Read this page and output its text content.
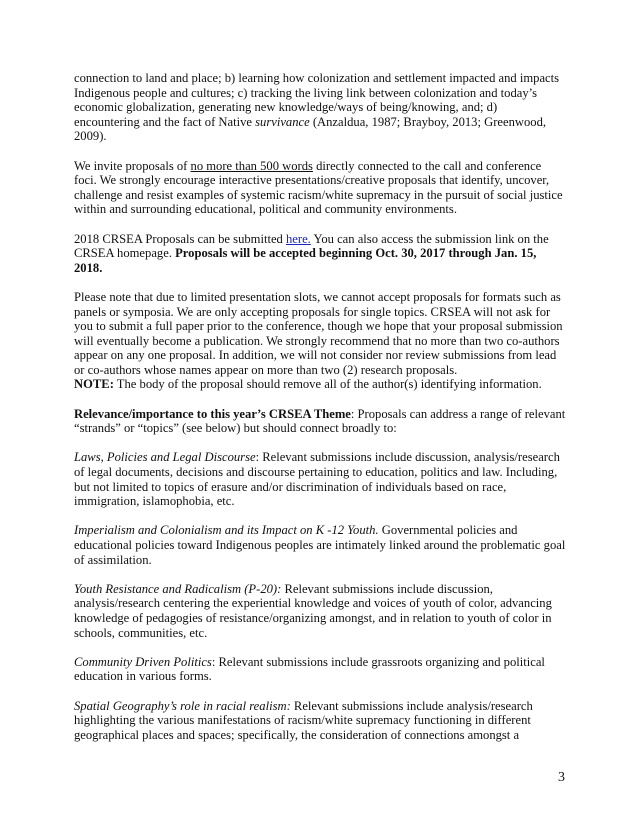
connection to land and place; b) learning how colonization and settlement impacted and impacts Indigenous people and cultures; c) tracking the living link between colonization and today’s economic globalization, generating new knowledge/ways of being/knowing, and; d) encountering and the fact of Native survivance (Anzaldua, 1987; Brayboy, 2013; Greenwood, 2009).

We invite proposals of no more than 500 words directly connected to the call and conference foci. We strongly encourage interactive presentations/creative proposals that identify, uncover, challenge and resist examples of systemic racism/white supremacy in the pursuit of social justice within and surrounding educational, political and community environments.

2018 CRSEA Proposals can be submitted here. You can also access the submission link on the CRSEA homepage. Proposals will be accepted beginning Oct. 30, 2017 through Jan. 15, 2018.

Please note that due to limited presentation slots, we cannot accept proposals for formats such as panels or symposia. We are only accepting proposals for single topics. CRSEA will not ask for you to submit a full paper prior to the conference, though we hope that your proposal submission will eventually become a publication. We strongly recommend that no more than two co-authors appear on any one proposal. In addition, we will not consider nor review submissions from lead or co-authors whose names appear on more than two (2) research proposals.
NOTE: The body of the proposal should remove all of the author(s) identifying information.

Relevance/importance to this year’s CRSEA Theme: Proposals can address a range of relevant “strands” or “topics” (see below) but should connect broadly to:

Laws, Policies and Legal Discourse: Relevant submissions include discussion, analysis/research of legal documents, decisions and discourse pertaining to education, politics and law. Including, but not limited to topics of erasure and/or discrimination of individuals based on race, immigration, islamophobia, etc.

Imperialism and Colonialism and its Impact on K -12 Youth. Governmental policies and educational policies toward Indigenous peoples are intimately linked around the problematic goal of assimilation.

Youth Resistance and Radicalism (P-20): Relevant submissions include discussion, analysis/research centering the experiential knowledge and voices of youth of color, advancing knowledge of pedagogies of resistance/organizing amongst, and in relation to youth of color in schools, communities, etc.

Community Driven Politics: Relevant submissions include grassroots organizing and political education in various forms.

Spatial Geography’s role in racial realism: Relevant submissions include analysis/research highlighting the various manifestations of racism/white supremacy functioning in different geographical places and spaces; specifically, the consideration of connections amongst a

3
